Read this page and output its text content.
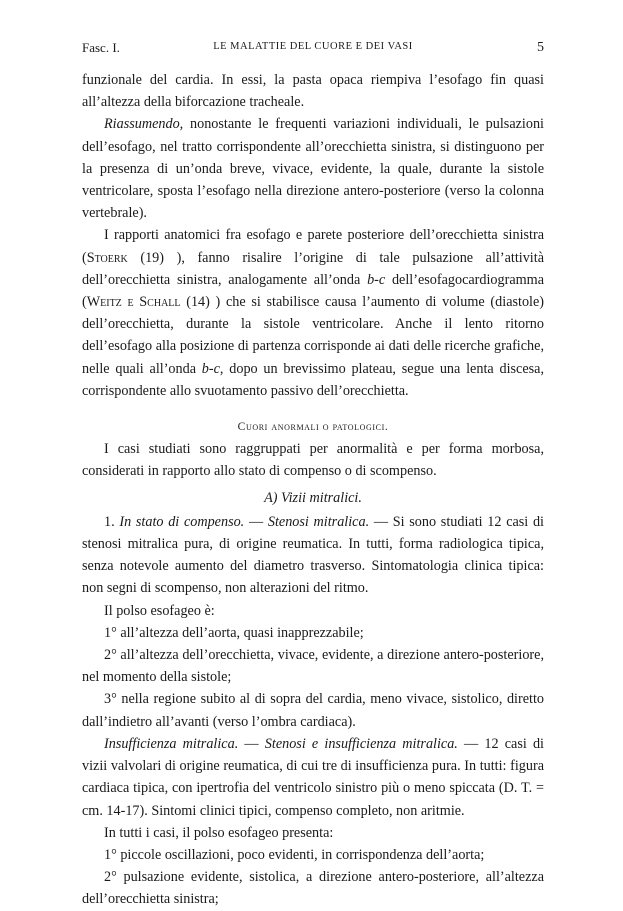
Fasc. I.	LE MALATTIE DEL CUORE E DEI VASI	5

funzionale del cardia. In essi, la pasta opaca riempiva l’esofago fin quasi all’altezza della biforcazione tracheale.

Riassumendo, nonostante le frequenti variazioni individuali, le pulsazioni dell’esofago, nel tratto corrispondente all’orecchietta sinistra, si distinguono per la presenza di un’onda breve, vivace, evidente, la quale, durante la sistole ventricolare, sposta l’esofago nella direzione antero-posteriore (verso la colonna vertebrale).

I rapporti anatomici fra esofago e parete posteriore dell’orecchietta sinistra (Stoerk (19) ), fanno risalire l’origine di tale pulsazione all’attività dell’orecchietta sinistra, analogamente all’onda b-c dell’esofagocardiogramma (Weitz e Schall (14) ) che si stabilisce causa l’aumento di volume (diastole) dell’orecchietta, durante la sistole ventricolare. Anche il lento ritorno dell’esofago alla posizione di partenza corrisponde ai dati delle ricerche grafiche, nelle quali all’onda b-c, dopo un brevissimo plateau, segue una lenta discesa, corrispondente allo svuotamento passivo dell’orecchietta.

Cuori anormali o patologici.

I casi studiati sono raggruppati per anormalità e per forma morbosa, considerati in rapporto allo stato di compenso o di scompenso.

A) Vizii mitralici.

1. In stato di compenso. — Stenosi mitralica. — Si sono studiati 12 casi di stenosi mitralica pura, di origine reumatica. In tutti, forma radiologica tipica, senza notevole aumento del diametro trasverso. Sintomatologia clinica tipica: non segni di scompenso, non alterazioni del ritmo.

Il polso esofageo è:

1° all’altezza dell’aorta, quasi inapprezzabile;

2° all’altezza dell’orecchietta, vivace, evidente, a direzione antero-posteriore, nel momento della sistole;

3° nella regione subito al di sopra del cardia, meno vivace, sistolico, diretto dall’indietro all’avanti (verso l’ombra cardiaca).

Insufficienza mitralica. — Stenosi e insufficienza mitralica. — 12 casi di vizii valvolari di origine reumatica, di cui tre di insufficienza pura. In tutti: figura cardiaca tipica, con ipertrofia del ventricolo sinistro più o meno spiccata (D. T. = cm. 14-17). Sintomi clinici tipici, compenso completo, non aritmie.

In tutti i casi, il polso esofageo presenta:

1° piccole oscillazioni, poco evidenti, in corrispondenza dell’aorta;

2° pulsazione evidente, sistolica, a direzione antero-posteriore, all’altezza dell’orecchietta sinistra;
